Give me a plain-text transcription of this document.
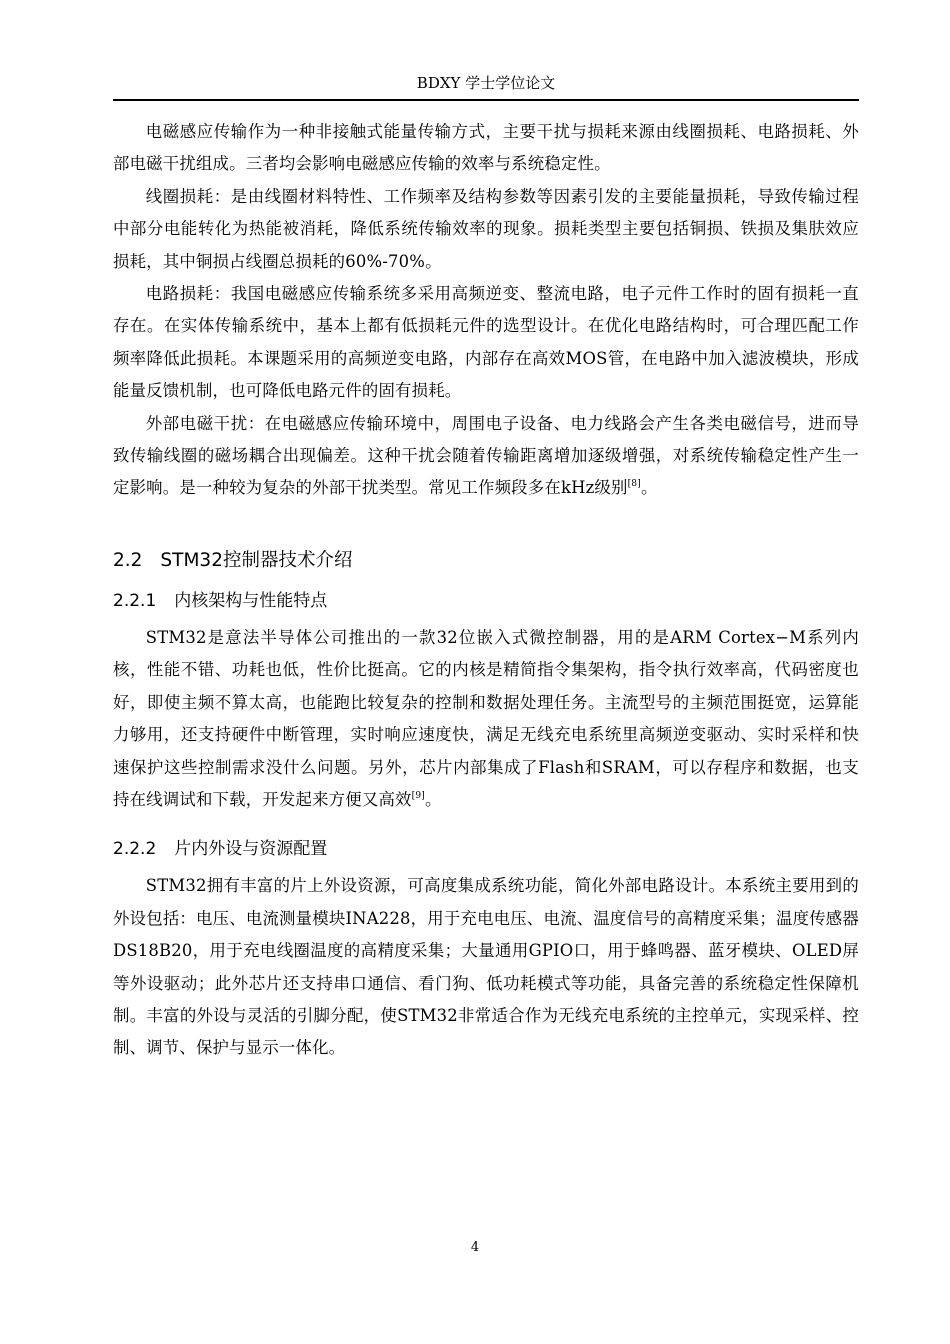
BDXY 学士学位论文

电磁感应传输作为一种非接触式能量传输方式，主要干扰与损耗来源由线圈损耗、电路损耗、外部电磁干扰组成。三者均会影响电磁感应传输的效率与系统稳定性。

线圈损耗：是由线圈材料特性、工作频率及结构参数等因素引发的主要能量损耗，导致传输过程中部分电能转化为热能被消耗，降低系统传输效率的现象。损耗类型主要包括铜损、铁损及集肤效应损耗，其中铜损占线圈总损耗的60%-70%。

电路损耗：我国电磁感应传输系统多采用高频逆变、整流电路，电子元件工作时的固有损耗一直存在。在实体传输系统中，基本上都有低损耗元件的选型设计。在优化电路结构时，可合理匹配工作频率降低此损耗。本课题采用的高频逆变电路，内部存在高效MOS管，在电路中加入滤波模块，形成能量反馈机制，也可降低电路元件的固有损耗。

外部电磁干扰：在电磁感应传输环境中，周围电子设备、电力线路会产生各类电磁信号，进而导致传输线圈的磁场耦合出现偏差。这种干扰会随着传输距离增加逐级增强，对系统传输稳定性产生一定影响。是一种较为复杂的外部干扰类型。常见工作频段多在kHz级别[8]。

2.2 STM32控制器技术介绍
2.2.1 内核架构与性能特点

STM32是意法半导体公司推出的一款32位嵌入式微控制器，用的是ARM Cortex−M系列内核，性能不错、功耗也低，性价比挺高。它的内核是精简指令集架构，指令执行效率高，代码密度也好，即使主频不算太高，也能跑比较复杂的控制和数据处理任务。主流型号的主频范围挺宽，运算能力够用，还支持硬件中断管理，实时响应速度快，满足无线充电系统里高频逆变驱动、实时采样和快速保护这些控制需求没什么问题。另外，芯片内部集成了Flash和SRAM，可以存程序和数据，也支持在线调试和下载，开发起来方便又高效[9]。

2.2.2 片内外设与资源配置

STM32拥有丰富的片上外设资源，可高度集成系统功能，简化外部电路设计。本系统主要用到的外设包括：电压、电流测量模块INA228，用于充电电压、电流、温度信号的高精度采集；温度传感器DS18B20，用于充电线圈温度的高精度采集；大量通用GPIO口，用于蜂鸣器、蓝牙模块、OLED屏等外设驱动；此外芯片还支持串口通信、看门狗、低功耗模式等功能，具备完善的系统稳定性保障机制。丰富的外设与灵活的引脚分配，使STM32非常适合作为无线充电系统的主控单元，实现采样、控制、调节、保护与显示一体化。

4
